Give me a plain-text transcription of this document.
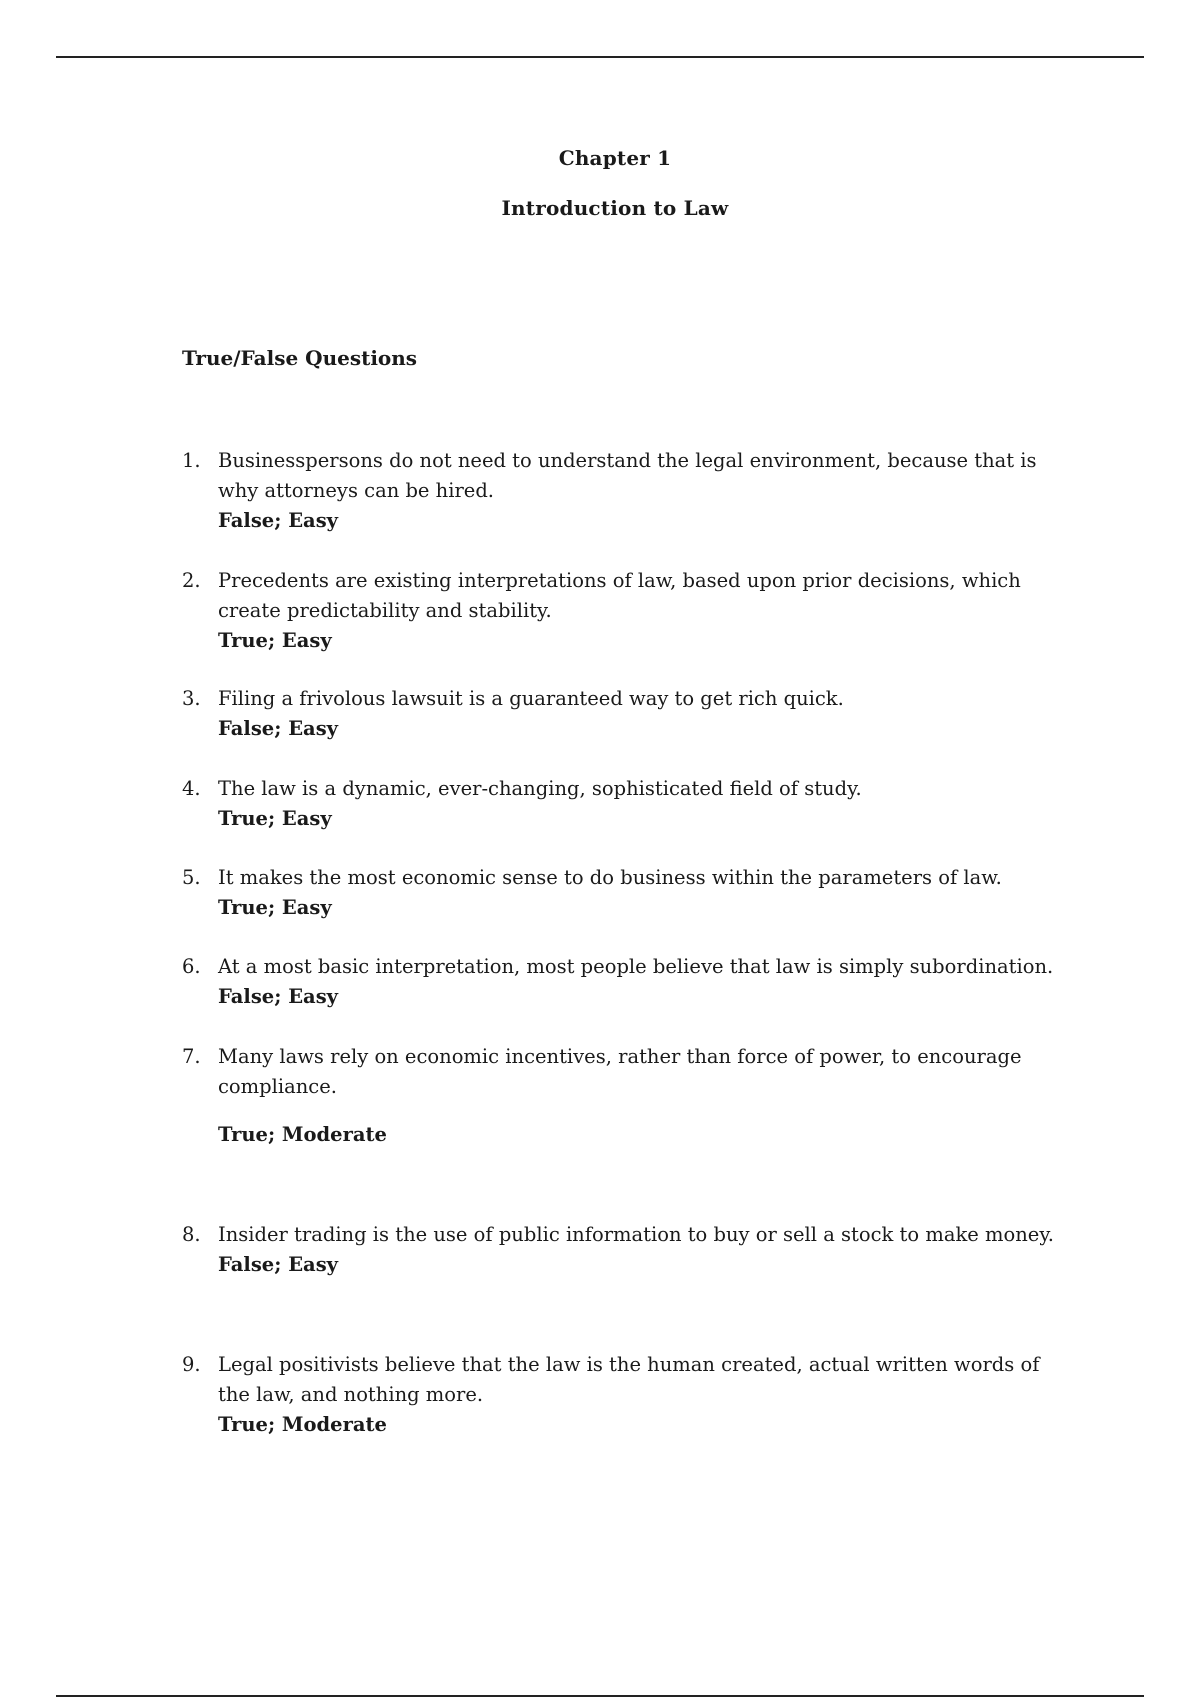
Chapter 1
Introduction to Law
True/False Questions
1. Businesspersons do not need to understand the legal environment, because that is why attorneys can be hired.
False; Easy
2. Precedents are existing interpretations of law, based upon prior decisions, which create predictability and stability.
True; Easy
3. Filing a frivolous lawsuit is a guaranteed way to get rich quick.
False; Easy
4. The law is a dynamic, ever-changing, sophisticated field of study.
True; Easy
5. It makes the most economic sense to do business within the parameters of law.
True; Easy
6. At a most basic interpretation, most people believe that law is simply subordination.
False; Easy
7. Many laws rely on economic incentives, rather than force of power, to encourage compliance.
True; Moderate
8. Insider trading is the use of public information to buy or sell a stock to make money.
False; Easy
9. Legal positivists believe that the law is the human created, actual written words of the law, and nothing more.
True; Moderate
